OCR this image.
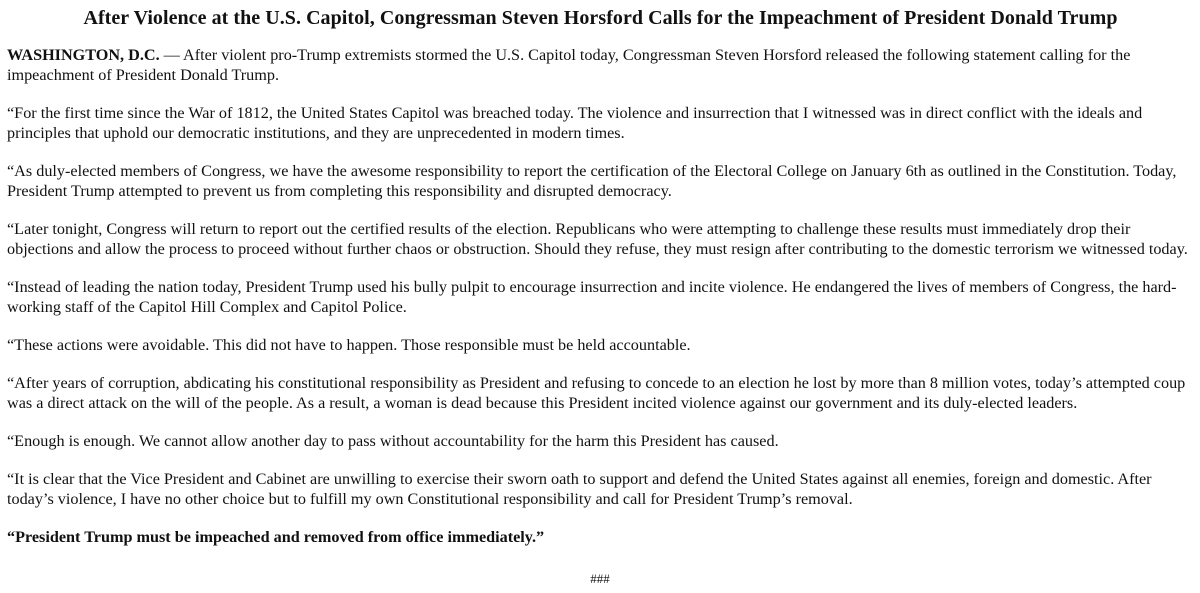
After Violence at the U.S. Capitol, Congressman Steven Horsford Calls for the Impeachment of President Donald Trump

WASHINGTON, D.C. — After violent pro-Trump extremists stormed the U.S. Capitol today, Congressman Steven Horsford released the following statement calling for the impeachment of President Donald Trump.

“For the first time since the War of 1812, the United States Capitol was breached today. The violence and insurrection that I witnessed was in direct conflict with the ideals and principles that uphold our democratic institutions, and they are unprecedented in modern times.

“As duly-elected members of Congress, we have the awesome responsibility to report the certification of the Electoral College on January 6th as outlined in the Constitution. Today, President Trump attempted to prevent us from completing this responsibility and disrupted democracy.

“Later tonight, Congress will return to report out the certified results of the election. Republicans who were attempting to challenge these results must immediately drop their objections and allow the process to proceed without further chaos or obstruction. Should they refuse, they must resign after contributing to the domestic terrorism we witnessed today.

“Instead of leading the nation today, President Trump used his bully pulpit to encourage insurrection and incite violence. He endangered the lives of members of Congress, the hard-working staff of the Capitol Hill Complex and Capitol Police.

“These actions were avoidable. This did not have to happen. Those responsible must be held accountable.

“After years of corruption, abdicating his constitutional responsibility as President and refusing to concede to an election he lost by more than 8 million votes, today’s attempted coup was a direct attack on the will of the people. As a result, a woman is dead because this President incited violence against our government and its duly-elected leaders.

“Enough is enough. We cannot allow another day to pass without accountability for the harm this President has caused.

“It is clear that the Vice President and Cabinet are unwilling to exercise their sworn oath to support and defend the United States against all enemies, foreign and domestic. After today’s violence, I have no other choice but to fulfill my own Constitutional responsibility and call for President Trump’s removal.

“President Trump must be impeached and removed from office immediately.”

###
